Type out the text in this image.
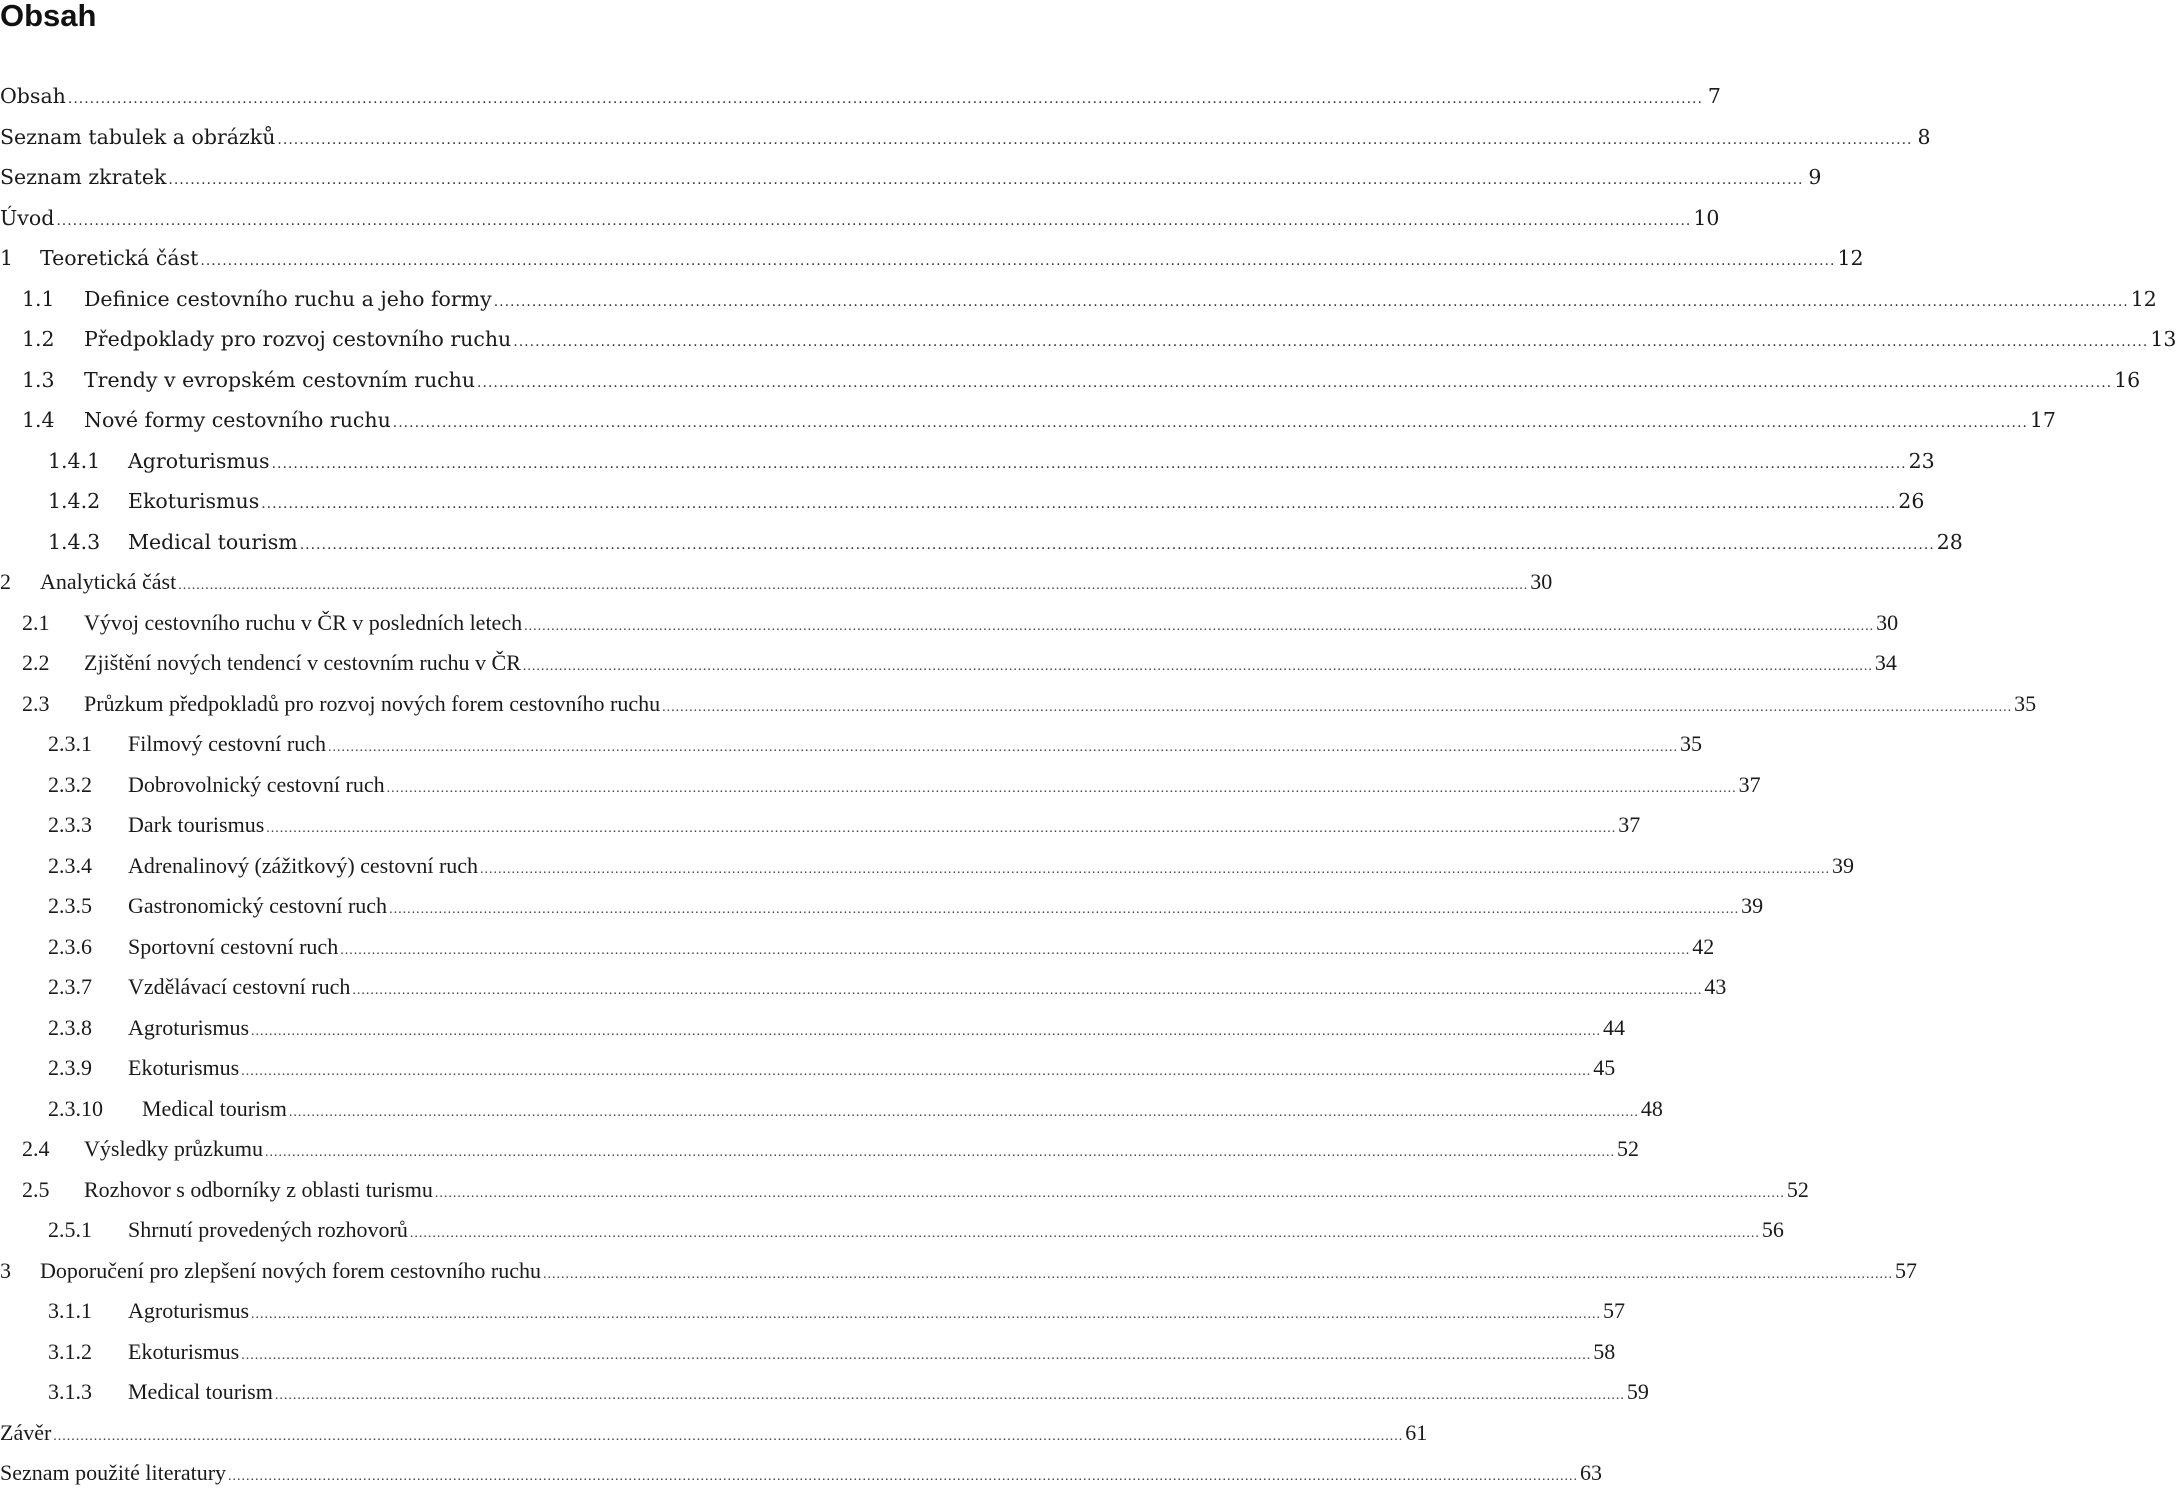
Obsah
Obsah ............................................................................................................................................................................................................................................................................................................ 7
Seznam tabulek a obrázků ............................................................................................................................................................................................................................................................................................................ 8
Seznam zkratek ............................................................................................................................................................................................................................................................................................................ 9
Úvod ............................................................................................................................................................................................................................................................................................................ 10
1	Teoretická část ............................................................................................................................................................................................................................................................................................................ 12
1.1	Definice cestovního ruchu a jeho formy ............................................................................................................................................................................................................................................................................................................ 12
1.2	Předpoklady pro rozvoj cestovního ruchu ............................................................................................................................................................................................................................................................................................................ 13
1.3	Trendy v evropském cestovním ruchu ............................................................................................................................................................................................................................................................................................................ 16
1.4	Nové formy cestovního ruchu ............................................................................................................................................................................................................................................................................................................ 17
1.4.1	Agroturismus ............................................................................................................................................................................................................................................................................................................ 23
1.4.2	Ekoturismus ............................................................................................................................................................................................................................................................................................................ 26
1.4.3	Medical tourism ............................................................................................................................................................................................................................................................................................................ 28
2	Analytická část ............................................................................................................................................................................................................................................................................................................ 30
2.1	Vývoj cestovního ruchu v ČR v posledních letech ............................................................................................................................................................................................................................................................................................................ 30
2.2	Zjištění nových tendencí v cestovním ruchu v ČR ............................................................................................................................................................................................................................................................................................................ 34
2.3	Průzkum předpokladů pro rozvoj nových forem cestovního ruchu ............................................................................................................................................................................................................................................................................................................ 35
2.3.1	Filmový cestovní ruch ............................................................................................................................................................................................................................................................................................................ 35
2.3.2	Dobrovolnický cestovní ruch ............................................................................................................................................................................................................................................................................................................ 37
2.3.3	Dark tourismus ............................................................................................................................................................................................................................................................................................................ 37
2.3.4	Adrenalinový (zážitkový) cestovní ruch ............................................................................................................................................................................................................................................................................................................ 39
2.3.5	Gastronomický cestovní ruch ............................................................................................................................................................................................................................................................................................................ 39
2.3.6	Sportovní cestovní ruch ............................................................................................................................................................................................................................................................................................................ 42
2.3.7	Vzdělávací cestovní ruch ............................................................................................................................................................................................................................................................................................................ 43
2.3.8	Agroturismus ............................................................................................................................................................................................................................................................................................................ 44
2.3.9	Ekoturismus ............................................................................................................................................................................................................................................................................................................ 45
2.3.10	Medical tourism ............................................................................................................................................................................................................................................................................................................ 48
2.4	Výsledky průzkumu ............................................................................................................................................................................................................................................................................................................ 52
2.5	Rozhovor s odborníky z oblasti turismu ............................................................................................................................................................................................................................................................................................................ 52
2.5.1	Shrnutí provedených rozhovorů ............................................................................................................................................................................................................................................................................................................ 56
3	Doporučení pro zlepšení nových forem cestovního ruchu ............................................................................................................................................................................................................................................................................................................ 57
3.1.1	Agroturismus ............................................................................................................................................................................................................................................................................................................ 57
3.1.2	Ekoturismus ............................................................................................................................................................................................................................................................................................................ 58
3.1.3	Medical tourism ............................................................................................................................................................................................................................................................................................................ 59
Závěr ............................................................................................................................................................................................................................................................................................................ 61
Seznam použité literatury ............................................................................................................................................................................................................................................................................................................ 63
